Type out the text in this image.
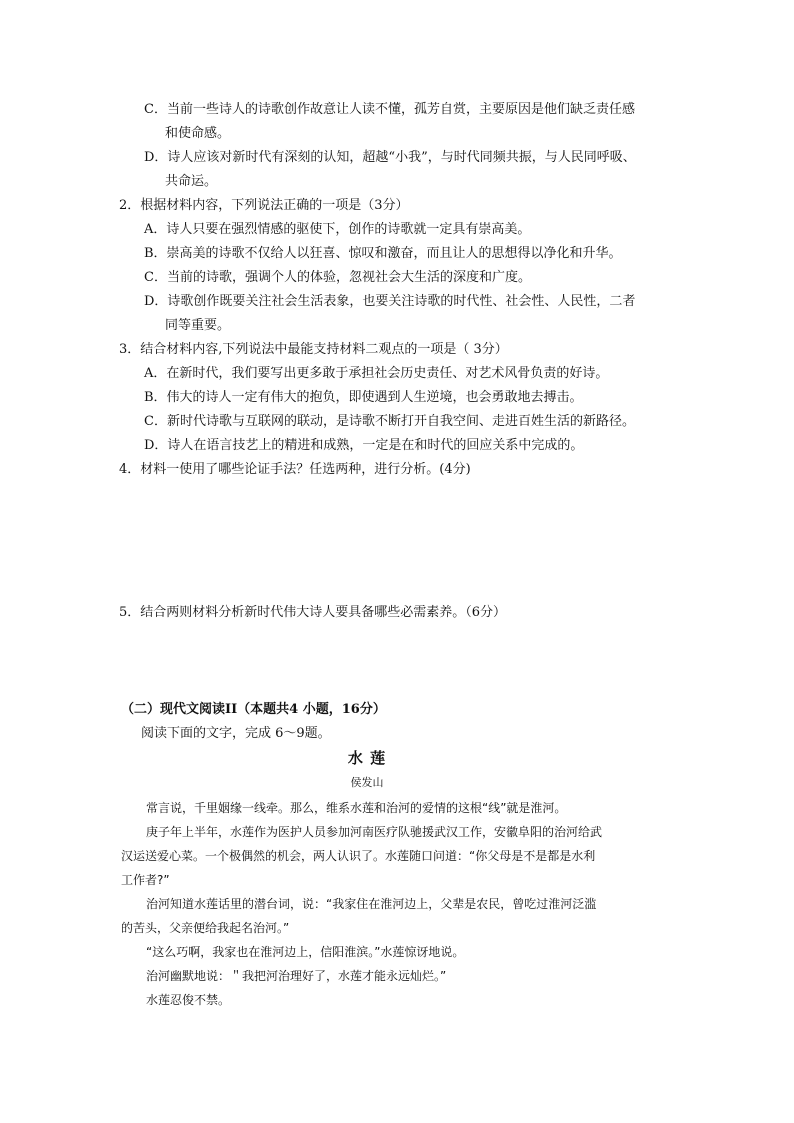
C．当前一些诗人的诗歌创作故意让人读不懂，孤芳自赏，主要原因是他们缺乏责任感
和使命感。
D．诗人应该对新时代有深刻的认知，超越“小我”，与时代同频共振，与人民同呼吸、
共命运。
2．根据材料内容，下列说法正确的一项是（3分）
A．诗人只要在强烈情感的驱使下，创作的诗歌就一定具有崇高美。
B．崇高美的诗歌不仅给人以狂喜、惊叹和激奋，而且让人的思想得以净化和升华。
C．当前的诗歌，强调个人的体验，忽视社会大生活的深度和广度。
D．诗歌创作既要关注社会生活表象，也要关注诗歌的时代性、社会性、人民性，二者
同等重要。
3．结合材料内容,下列说法中最能支持材料二观点的一项是（ 3分）
A．在新时代，我们要写出更多敢于承担社会历史责任、对艺术风骨负责的好诗。
B．伟大的诗人一定有伟大的抱负，即使遇到人生逆境，也会勇敢地去搏击。
C．新时代诗歌与互联网的联动，是诗歌不断打开自我空间、走进百姓生活的新路径。
D．诗人在语言技艺上的精进和成熟，一定是在和时代的回应关系中完成的。
4．材料一使用了哪些论证手法？任选两种，进行分析。(4分)
5．结合两则材料分析新时代伟大诗人要具备哪些必需素养。（6分）
（二）现代文阅读II（本题共4 小题，16分）
阅读下面的文字，完成 6～9题。
水 莲
侯发山
常言说，千里姻缘一线牵。那么，维系水莲和治河的爱情的这根“线”就是淮河。
庚子年上半年，水莲作为医护人员参加河南医疗队驰援武汉工作，安徽阜阳的治河给武
汉运送爱心菜。一个极偶然的机会，两人认识了。水莲随口问道：“你父母是不是都是水利
工作者?”
治河知道水莲话里的潜台词，说：“我家住在淮河边上，父辈是农民，曾吃过淮河泛滥
的苦头，父亲便给我起名治河。”
“这么巧啊，我家也在淮河边上，信阳淮滨。”水莲惊讶地说。
治河幽默地说：＂我把河治理好了，水莲才能永远灿烂。”
水莲忍俊不禁。
